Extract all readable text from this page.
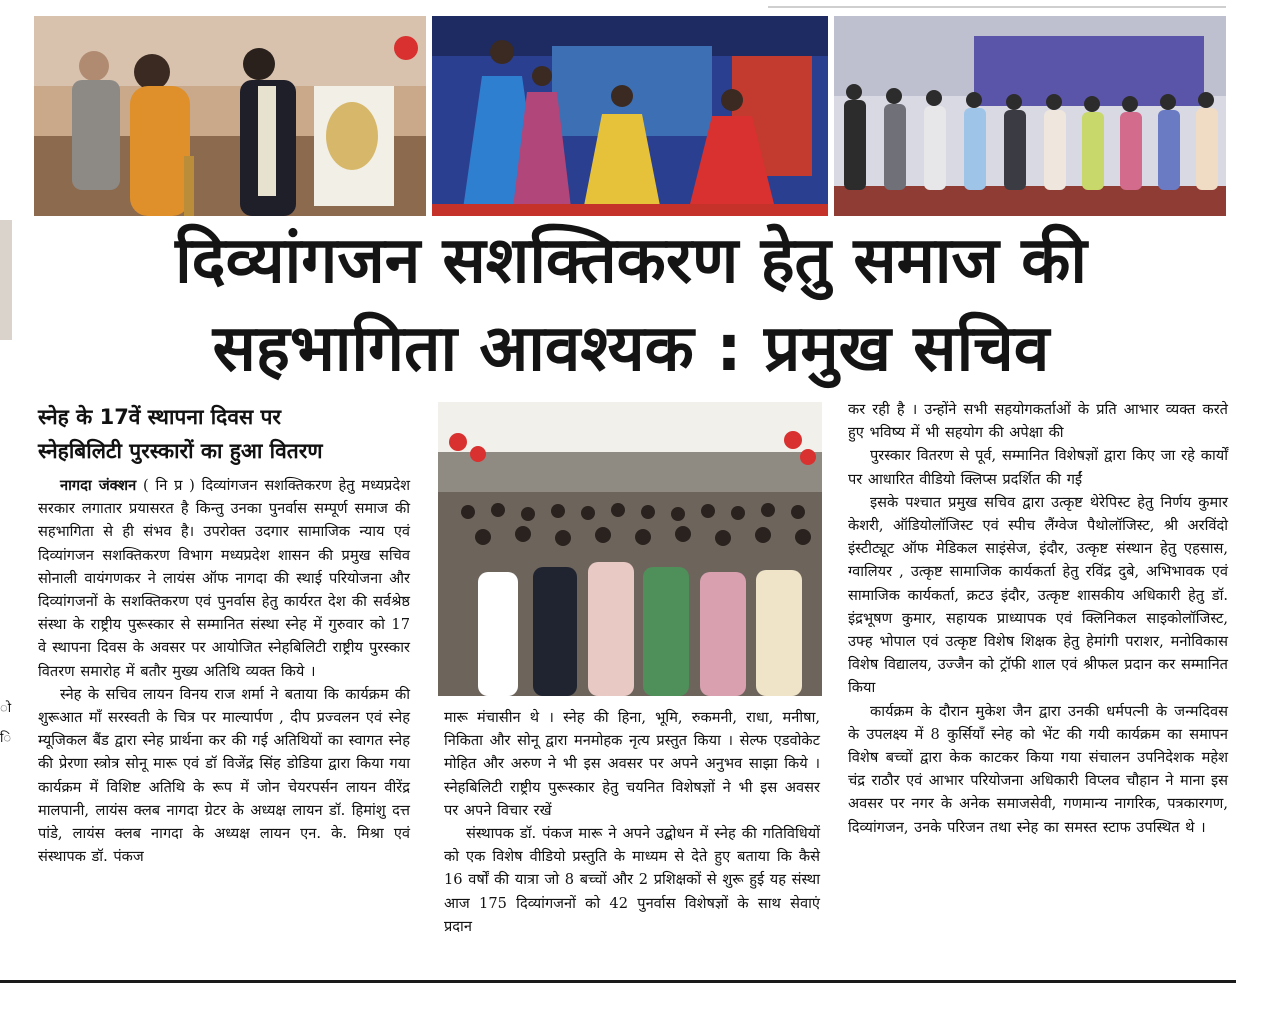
दिव्यांगजन सशक्तिकरण हेतु समाज की
सहभागिता आवश्यक : प्रमुख सचिव
स्नेह के 17वें स्थापना दिवस पर
स्नेहबिलिटी पुरस्कारों का हुआ वितरण
ो
ि

नागदा जंक्शन ( नि प्र ) दिव्यांगजन सशक्तिकरण हेतु मध्यप्रदेश सरकार लगातार प्रयासरत है किन्तु उनका पुनर्वास सम्पूर्ण समाज की सहभागिता से ही संभव है। उपरोक्त उदगार सामाजिक न्याय एवं दिव्यांगजन सशक्तिकरण विभाग मध्यप्रदेश शासन की प्रमुख सचिव सोनाली वायंगणकर ने लायंस ऑफ नागदा की स्थाई परियोजना और दिव्यांगजनों के सशक्तिकरण एवं पुनर्वास हेतु कार्यरत देश की सर्वश्रेष्ठ संस्था के राष्ट्रीय पुरूस्कार से सम्मानित संस्था स्नेह में गुरुवार को 17 वे स्थापना दिवस के अवसर पर आयोजित स्नेहबिलिटी राष्ट्रीय पुरस्कार वितरण समारोह में बतौर मुख्य अतिथि व्यक्त किये ।

स्नेह के सचिव लायन विनय राज शर्मा ने बताया कि कार्यक्रम की शुरूआत माँ सरस्वती के चित्र पर माल्यार्पण , दीप प्रज्वलन एवं स्नेह म्यूजिकल बैंड द्वारा स्नेह प्रार्थना कर की गई अतिथियों का स्वागत स्नेह की प्रेरणा स्त्रोत्र सोनू मारू एवं डॉ विजेंद्र सिंह डोडिया द्वारा किया गया कार्यक्रम में विशिष्ट अतिथि के रूप में जोन चेयरपर्सन लायन वीरेंद्र मालपानी, लायंस क्लब नागदा ग्रेटर के अध्यक्ष लायन डॉ. हिमांशु दत्त पांडे, लायंस क्लब नागदा के अध्यक्ष लायन एन. के. मिश्रा एवं संस्थापक डॉ. पंकज

मारू मंचासीन थे । स्नेह की हिना, भूमि, रुकमनी, राधा, मनीषा, निकिता और सोनू द्वारा मनमोहक नृत्य प्रस्तुत किया । सेल्फ एडवोकेट मोहित और अरुण ने भी इस अवसर पर अपने अनुभव साझा किये । स्नेहबिलिटी राष्ट्रीय पुरूस्कार हेतु चयनित विशेषज्ञों ने भी इस अवसर पर अपने विचार रखें

संस्थापक डॉ. पंकज मारू ने अपने उद्बोधन में स्नेह की गतिविधियों को एक विशेष वीडियो प्रस्तुति के माध्यम से देते हुए बताया कि कैसे 16 वर्षों की यात्रा जो 8 बच्चों और 2 प्रशिक्षकों से शुरू हुई यह संस्था आज 175 दिव्यांगजनों को 42 पुनर्वास विशेषज्ञों के साथ सेवाएं प्रदान

कर रही है । उन्होंने सभी सहयोगकर्ताओं के प्रति आभार व्यक्त करते हुए भविष्य में भी सहयोग की अपेक्षा की

पुरस्कार वितरण से पूर्व, सम्मानित विशेषज्ञों द्वारा किए जा रहे कार्यों पर आधारित वीडियो क्लिप्स प्रदर्शित की गईं

इसके पश्चात प्रमुख सचिव द्वारा उत्कृष्ट थेरेपिस्ट हेतु निर्णय कुमार केशरी, ऑडियोलॉजिस्ट एवं स्पीच लैंग्वेज पैथोलॉजिस्ट, श्री अरविंदो इंस्टीट्यूट ऑफ मेडिकल साइंसेज, इंदौर, उत्कृष्ट संस्थान हेतु एहसास, ग्वालियर , उत्कृष्ट सामाजिक कार्यकर्ता हेतु रविंद्र दुबे, अभिभावक एवं सामाजिक कार्यकर्ता, क्रटउ इंदौर, उत्कृष्ट शासकीय अधिकारी हेतु डॉ. इंद्रभूषण कुमार, सहायक प्राध्यापक एवं क्लिनिकल साइकोलॉजिस्ट, उफ्ह भोपाल एवं उत्कृष्ट विशेष शिक्षक हेतु हेमांगी पराशर, मनोविकास विशेष विद्यालय, उज्जैन को ट्रॉफी शाल एवं श्रीफल प्रदान कर सम्मानित किया

कार्यक्रम के दौरान मुकेश जैन द्वारा उनकी धर्मपत्नी के जन्मदिवस के उपलक्ष्य में 8 कुर्सियाँ स्नेह को भेंट की गयी कार्यक्रम का समापन विशेष बच्चों द्वारा केक काटकर किया गया संचालन उपनिदेशक महेश चंद्र राठौर एवं आभार परियोजना अधिकारी विप्लव चौहान ने माना इस अवसर पर नगर के अनेक समाजसेवी, गणमान्य नागरिक, पत्रकारगण, दिव्यांगजन, उनके परिजन तथा स्नेह का समस्त स्टाफ उपस्थित थे ।
